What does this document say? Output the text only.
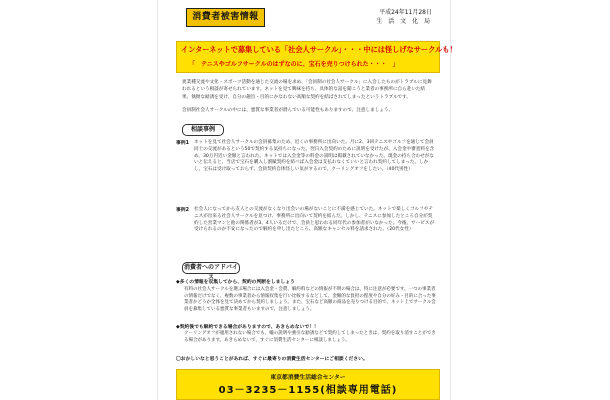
消費者被害情報	平成24年11月28日
生 活 文 化 局
インターネットで募集している「社会人サークル」・・・中には怪しげなサークルも！
「　テニスやゴルフサークルのはずなのに、宝石を売りつけられた・・・　」
異業種交流や文化・スポーツ活動を通じた交流の場を求め、「会員制の社会人サークル」に入会したものがトラブルに見舞われるという相談が寄せられています。ネットを見て興味を持ち、具体的な話を聞こうと業者の事務所に自ら赴いた結果、執拗な勧誘を受け、自分の趣旨・目的にかなわない高額な契約を結ばされてしまったというトラブルです。
会員制社会人サークルの中には、悪質な事業者が潜んでいる可能性もありますので、注意しましょう。
相談事例
事例1 ネットを見て社会人サークルの会員募集のため、近くの事務所に出向いた。月に2、3回テニスやゴルフを通じて会員同士の交流があるという50で契約する気持ちになった。翌日入会契約のために説明を受けたが、入会金や審査料を含め、30万円近い金額と言われた。ネットでは入会金等の料金の説明は掲載されていなかった。現金の持ち合わせがないと伝えると、当店で宝石を購入し割賦契約を結べば入会金は支払わなくていいと言われ契約してしまった。しかし、宝石は受け取っておらず、会員契約自体怪しい気がするので、クーリングオフをしたい。（40代男性）
事例2 社会人になってから友人との交流がなくなり出会いの場がないことに不満を感じていた。ネットで楽しくゴルフやテニスが出来る社会人サークルを見つけ、事務所に出向いて契約を結んだ。しかし、テニスに参加したところ自分が契約した営業マンと他の関係者が3、4人いるだけで、会員と思われる同年代の参加者がいなかった。今後、サービスが受けられるのか不安になったので解約を申し出たところ、高額なキャンセル料を請求された。（20代女性）
消費者へのアドバイス
◆多くの情報を収集してから、契約の判断をしましょう
有料の社会人サークルを選ぶ場合には入会金・会費、解約料などの情報が不明の場合は、特に注意が必要です。一つの事業者の情報だけでなく、複数の事業者から情報収集を行い比較するなどして、金額的な負担の程度や自分の好み・目的に合った事業者かどうか全体を見て決めてから契約しましょう。また、宝石など高額の商品を売りつける目的で、ネット上でサークル会員を募集している悪質な事業者もいますので、注意しましょう。
◆契約後でも解約できる場合がありますので、あきらめないで！！
クーリングオフが適用されない場合でも、嘘の説明や強引な勧誘などで契約してしまったときは、契約を取り消すことができる場合があります。あきらめないで、すぐに消費生活センターに相談しましょう。
〇おかしいなと思うことがあれば、すぐに最寄りの消費生活センターにご相談ください。
東京都消費生活総合センター
03－3235－1155(相談専用電話)
